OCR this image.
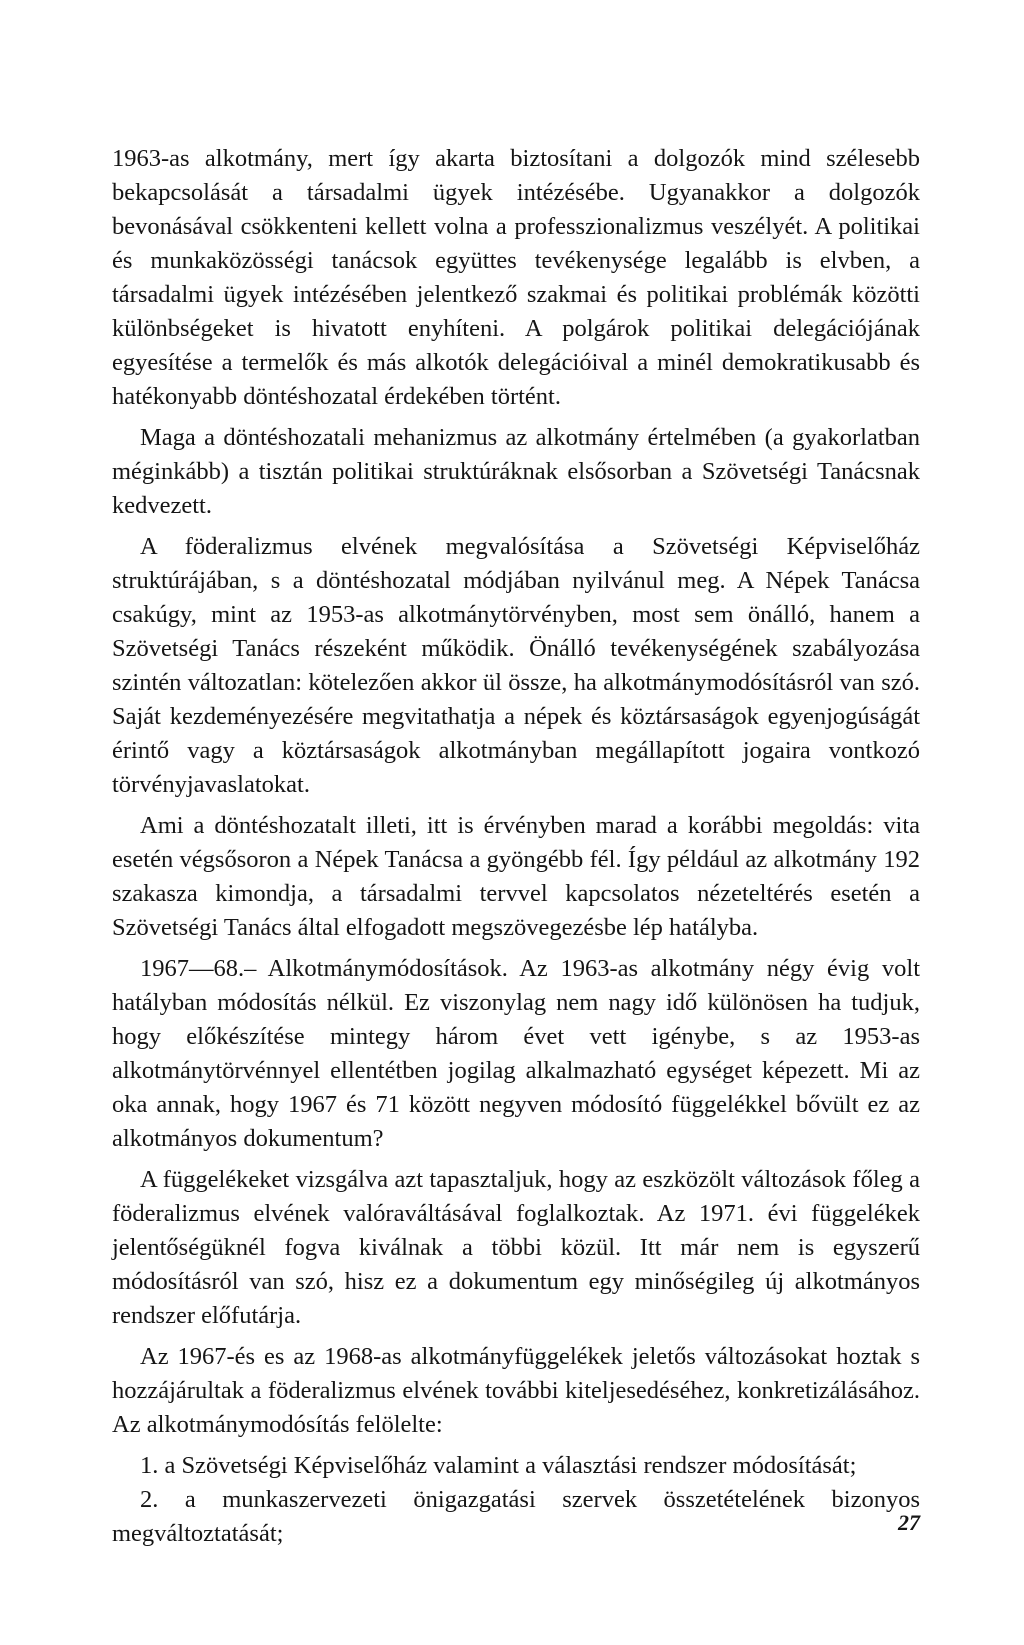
1963-as alkotmány, mert így akarta biztosítani a dolgozók mind szélesebb bekapcsolását a társadalmi ügyek intézésébe. Ugyanakkor a dolgozók bevonásával csökkenteni kellett volna a professzionalizmus veszélyét. A politikai és munkaközösségi tanácsok együttes tevékenysége legalább is elvben, a társadalmi ügyek intézésében jelentkező szakmai és politikai problémák közötti különbségeket is hivatott enyhíteni. A polgárok politikai delegációjának egyesítése a termelők és más alkotók delegációival a minél demokratikusabb és hatékonyabb döntéshozatal érdekében történt.

Maga a döntéshozatali mehanizmus az alkotmány értelmében (a gyakorlatban méginkább) a tisztán politikai struktúráknak elsősorban a Szövetségi Tanácsnak kedvezett.

A föderalizmus elvének megvalósítása a Szövetségi Képviselőház struktúrájában, s a döntéshozatal módjában nyilvánul meg. A Népek Tanácsa csakúgy, mint az 1953-as alkotmánytörvényben, most sem önálló, hanem a Szövetségi Tanács részeként működik. Önálló tevékenységének szabályozása szintén változatlan: kötelezően akkor ül össze, ha alkotmánymodósításról van szó. Saját kezdeményezésére megvitathatja a népek és köztársaságok egyenjogúságát érintő vagy a köztársaságok alkotmányban megállapított jogaira vontkozó törvényjavaslatokat.

Ami a döntéshozatalt illeti, itt is érvényben marad a korábbi megoldás: vita esetén végsősoron a Népek Tanácsa a gyöngébb fél. Így például az alkotmány 192 szakasza kimondja, a társadalmi tervvel kapcsolatos nézeteltérés esetén a Szövetségi Tanács által elfogadott megszövegezésbe lép hatályba.

1967—68.– Alkotmánymódosítások. Az 1963-as alkotmány négy évig volt hatályban módosítás nélkül. Ez viszonylag nem nagy idő különösen ha tudjuk, hogy előkészítése mintegy három évet vett igénybe, s az 1953-as alkotmánytörvénnyel ellentétben jogilag alkalmazható egységet képezett. Mi az oka annak, hogy 1967 és 71 között negyven módosító függelékkel bővült ez az alkotmányos dokumentum?

A függelékeket vizsgálva azt tapasztaljuk, hogy az eszközölt változások főleg a föderalizmus elvének valóraváltásával foglalkoztak. Az 1971. évi függelékek jelentőségüknél fogva kiválnak a többi közül. Itt már nem is egyszerű módosításról van szó, hisz ez a dokumentum egy minőségileg új alkotmányos rendszer előfutárja.

Az 1967-és es az 1968-as alkotmányfüggelékek jeletős változásokat hoztak s hozzájárultak a föderalizmus elvének további kiteljesedéséhez, konkretizálásához. Az alkotmánymodósítás felölelte:

1. a Szövetségi Képviselőház valamint a választási rendszer módosítását;

2. a munkaszervezeti önigazgatási szervek összetételének bizonyos megváltoztatását;	27
